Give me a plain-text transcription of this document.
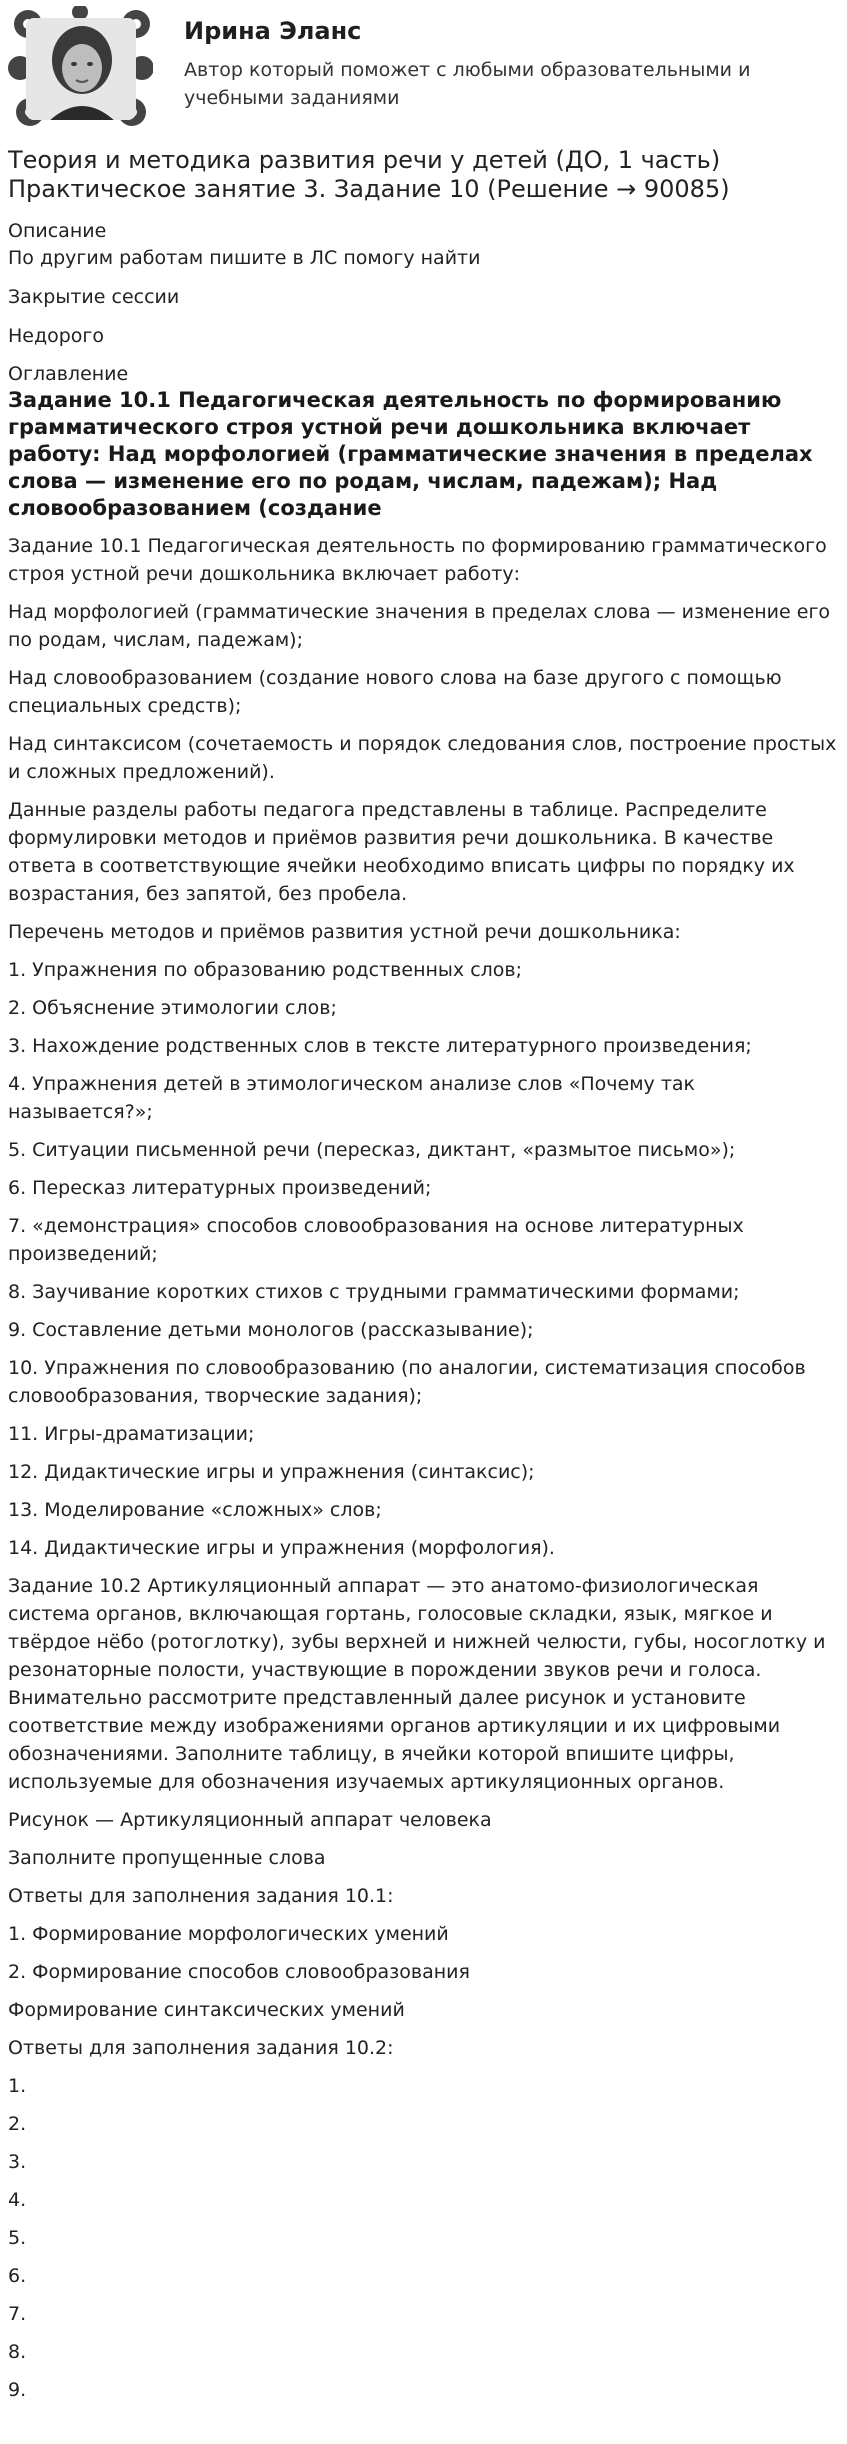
Ирина Эланс
Автор который поможет с любыми образовательными и учебными заданиями
Теория и методика развития речи у детей (ДО, 1 часть)
Практическое занятие 3. Задание 10 (Решение → 90085)
Описание
По другим работам пишите в ЛС помогу найти
Закрытие сессии
Недорого
Оглавление
Задание 10.1 Педагогическая деятельность по формированию грамматического строя устной речи дошкольника включает работу: Над морфологией (грамматические значения в пределах слова — изменение его по родам, числам, падежам); Над словообразованием (создание
Задание 10.1 Педагогическая деятельность по формированию грамматического строя устной речи дошкольника включает работу:
Над морфологией (грамматические значения в пределах слова — изменение его по родам, числам, падежам);
Над словообразованием (создание нового слова на базе другого с помощью специальных средств);
Над синтаксисом (сочетаемость и порядок следования слов, построение простых и сложных предложений).
Данные разделы работы педагога представлены в таблице. Распределите формулировки методов и приёмов развития речи дошкольника. В качестве ответа в соответствующие ячейки необходимо вписать цифры по порядку их возрастания, без запятой, без пробела.
Перечень методов и приёмов развития устной речи дошкольника:
1. Упражнения по образованию родственных слов;
2. Объяснение этимологии слов;
3. Нахождение родственных слов в тексте литературного произведения;
4. Упражнения детей в этимологическом анализе слов «Почему так называется?»;
5. Ситуации письменной речи (пересказ, диктант, «размытое письмо»);
6. Пересказ литературных произведений;
7. «демонстрация» способов словообразования на основе литературных произведений;
8. Заучивание коротких стихов с трудными грамматическими формами;
9. Составление детьми монологов (рассказывание);
10. Упражнения по словообразованию (по аналогии, систематизация способов словообразования, творческие задания);
11. Игры-драматизации;
12. Дидактические игры и упражнения (синтаксис);
13. Моделирование «сложных» слов;
14. Дидактические игры и упражнения (морфология).
Задание 10.2 Артикуляционный аппарат — это анатомо-физиологическая система органов, включающая гортань, голосовые складки, язык, мягкое и твёрдое нёбо (ротоглотку), зубы верхней и нижней челюсти, губы, носоглотку и резонаторные полости, участвующие в порождении звуков речи и голоса. Внимательно рассмотрите представленный далее рисунок и установите соответствие между изображениями органов артикуляции и их цифровыми обозначениями. Заполните таблицу, в ячейки которой впишите цифры, используемые для обозначения изучаемых артикуляционных органов.
Рисунок — Артикуляционный аппарат человека
Заполните пропущенные слова
Ответы для заполнения задания 10.1:
1. Формирование морфологических умений
2. Формирование способов словообразования
Формирование синтаксических умений
Ответы для заполнения задания 10.2:
1.
2.
3.
4.
5.
6.
7.
8.
9.
